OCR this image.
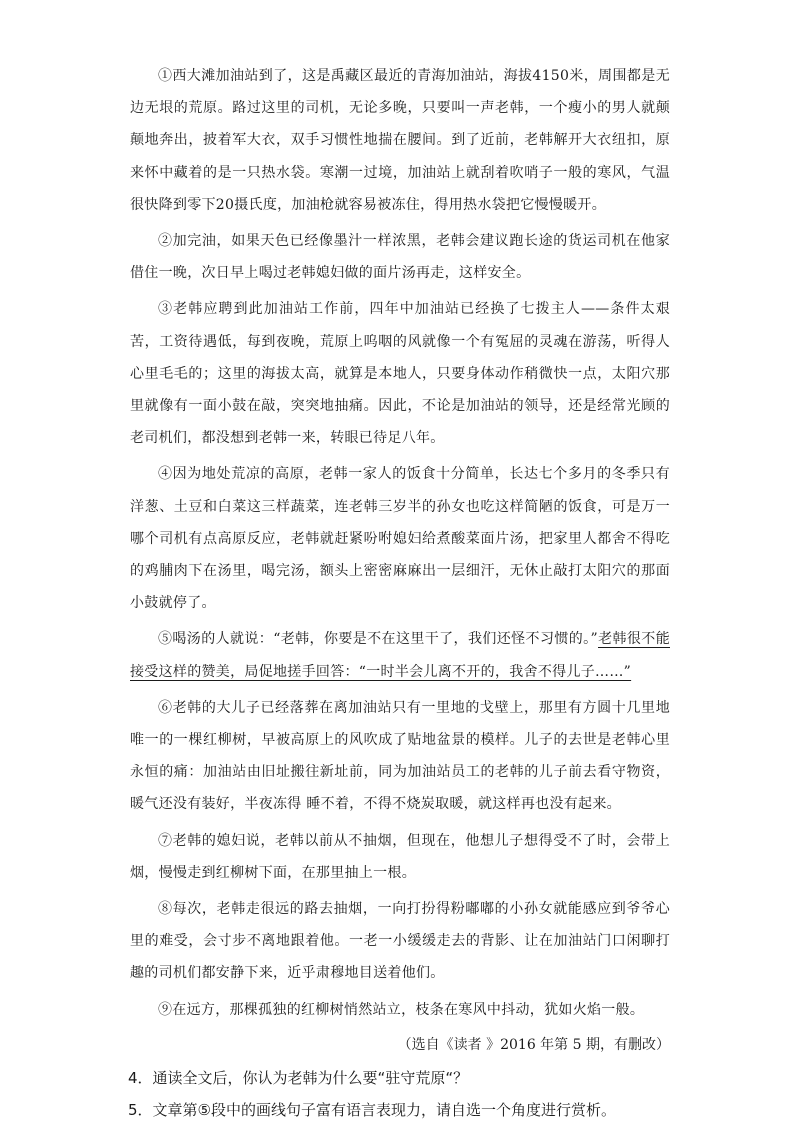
①西大滩加油站到了，这是禹藏区最近的青海加油站，海拔4150米，周围都是无边无垠的荒原。路过这里的司机，无论多晚，只要叫一声老韩，一个瘦小的男人就颠颠地奔出，披着军大衣，双手习惯性地揣在腰间。到了近前，老韩解开大衣纽扣，原来怀中藏着的是一只热水袋。寒潮一过境，加油站上就刮着吹哨子一般的寒风，气温很快降到零下20摄氏度，加油枪就容易被冻住，得用热水袋把它慢慢暖开。

②加完油，如果天色已经像墨汁一样浓黑，老韩会建议跑长途的货运司机在他家借住一晚，次日早上喝过老韩媳妇做的面片汤再走，这样安全。

③老韩应聘到此加油站工作前，四年中加油站已经换了七拨主人——条件太艰苦，工资待遇低，每到夜晚，荒原上呜咽的风就像一个有冤屈的灵魂在游荡，听得人心里毛毛的；这里的海拔太高，就算是本地人，只要身体动作稍微快一点，太阳穴那里就像有一面小鼓在敲，突突地抽痛。因此，不论是加油站的领导，还是经常光顾的老司机们，都没想到老韩一来，转眼已待足八年。

④因为地处荒凉的高原，老韩一家人的饭食十分简单，长达七个多月的冬季只有洋葱、土豆和白菜这三样蔬菜，连老韩三岁半的孙女也吃这样简陋的饭食，可是万一哪个司机有点高原反应，老韩就赶紧吩咐媳妇给煮酸菜面片汤，把家里人都舍不得吃的鸡脯肉下在汤里，喝完汤，额头上密密麻麻出一层细汗，无休止敲打太阳穴的那面小鼓就停了。

⑤喝汤的人就说：“老韩，你要是不在这里干了，我们还怪不习惯的。”老韩很不能接受这样的赞美，局促地搓手回答：“一时半会儿离不开的，我舍不得儿子……”

⑥老韩的大儿子已经落葬在离加油站只有一里地的戈壁上，那里有方圆十几里地唯一的一棵红柳树，早被高原上的风吹成了贴地盆景的模样。儿子的去世是老韩心里永恒的痛：加油站由旧址搬往新址前，同为加油站员工的老韩的儿子前去看守物资，暖气还没有装好，半夜冻得 睡不着，不得不烧炭取暖，就这样再也没有起来。

⑦老韩的媳妇说，老韩以前从不抽烟，但现在，他想儿子想得受不了时，会带上烟，慢慢走到红柳树下面，在那里抽上一根。

⑧每次，老韩走很远的路去抽烟，一向打扮得粉嘟嘟的小孙女就能感应到爷爷心里的难受，会寸步不离地跟着他。一老一小缓缓走去的背影、让在加油站门口闲聊打趣的司机们都安静下来，近乎肃穆地目送着他们。

⑨在远方，那棵孤独的红柳树悄然站立，枝条在寒风中抖动，犹如火焰一般。

（选自《读者 》2016 年第 5 期，有删改）

4．通读全文后，你认为老韩为什么要“驻守荒原“？

5．文章第⑤段中的画线句子富有语言表现力，请自选一个角度进行赏析。
